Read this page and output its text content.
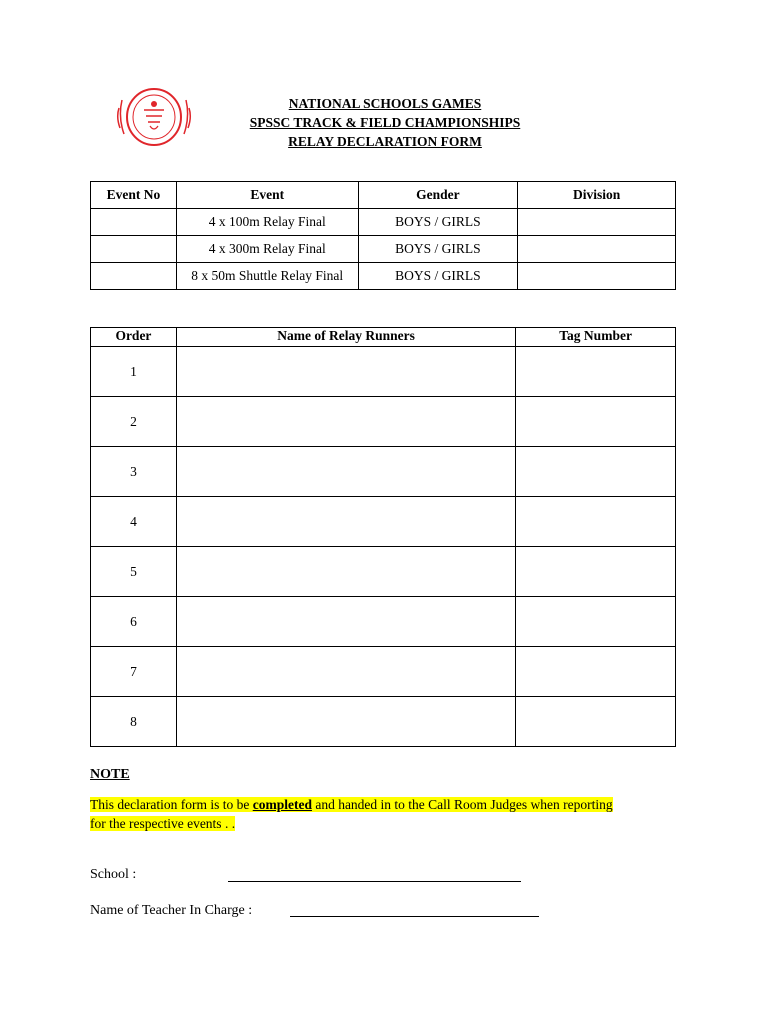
NATIONAL SCHOOLS GAMES
SPSSC TRACK & FIELD CHAMPIONSHIPS
RELAY DECLARATION FORM
Event No	Event	Gender	Division
	4 x 100m Relay Final	BOYS / GIRLS	
	4 x 300m Relay Final	BOYS / GIRLS	
	8 x 50m Shuttle Relay Final	BOYS / GIRLS	
Order	Name of Relay Runners	Tag Number
1		
2		
3		
4		
5		
6		
7		
8		
NOTE
This declaration form is to be completed and handed in to the Call Room Judges when reporting
for the respective events . .
School :
Name of Teacher In Charge :
